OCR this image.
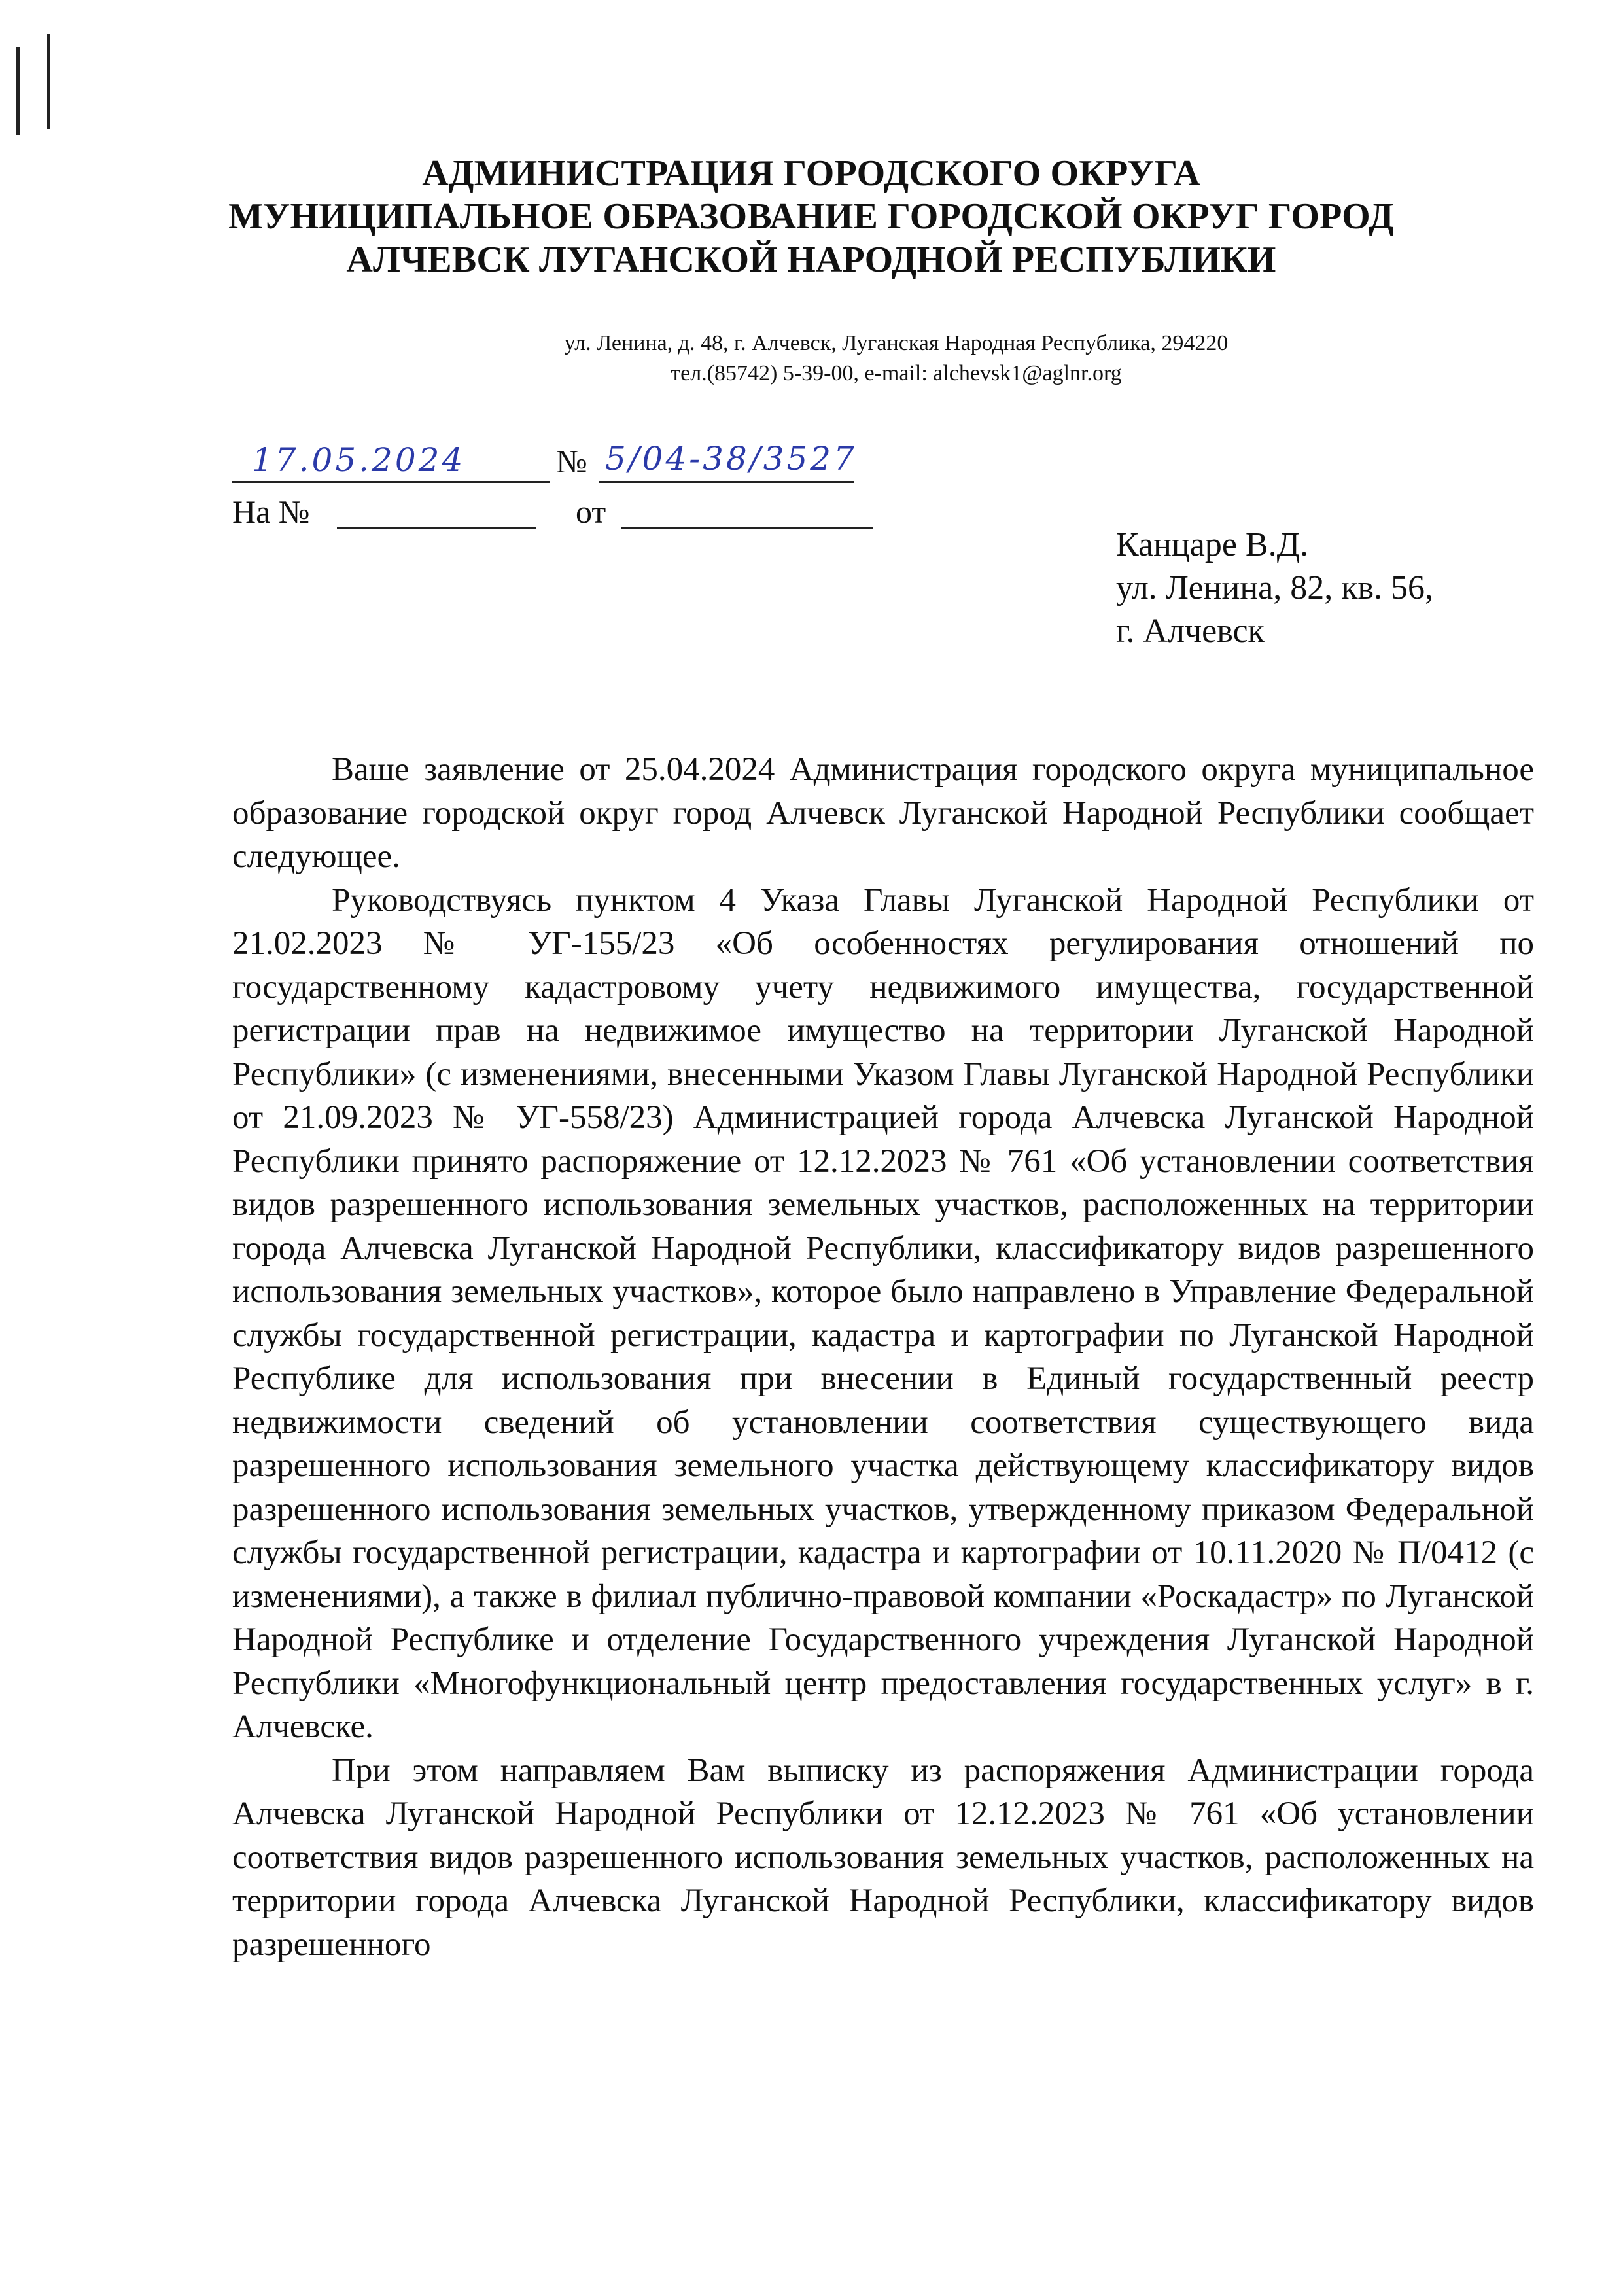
АДМИНИСТРАЦИЯ ГОРОДСКОГО ОКРУГА
МУНИЦИПАЛЬНОЕ ОБРАЗОВАНИЕ ГОРОДСКОЙ ОКРУГ ГОРОД
АЛЧЕВСК ЛУГАНСКОЙ НАРОДНОЙ РЕСПУБЛИКИ
ул. Ленина, д. 48, г. Алчевск, Луганская Народная Республика, 294220
тел.(85742) 5-39-00, e-mail: alchevsk1@aglnr.org
17.05.2024	№ 5/04-38/3527
На №	от
Канцаре В.Д.
ул. Ленина, 82, кв. 56,
г. Алчевск

Ваше заявление от 25.04.2024 Администрация городского округа муниципальное образование городской округ город Алчевск Луганской Народной Республики сообщает следующее.

Руководствуясь пунктом 4 Указа Главы Луганской Народной Республики от 21.02.2023 № УГ-155/23 «Об особенностях регулирования отношений по государственному кадастровому учету недвижимого имущества, государственной регистрации прав на недвижимое имущество на территории Луганской Народной Республики» (с изменениями, внесенными Указом Главы Луганской Народной Республики от 21.09.2023 № УГ-558/23) Администрацией города Алчевска Луганской Народной Республики принято распоряжение от 12.12.2023 № 761 «Об установлении соответствия видов разрешенного использования земельных участков, расположенных на территории города Алчевска Луганской Народной Республики, классификатору видов разрешенного использования земельных участков», которое было направлено в Управление Федеральной службы государственной регистрации, кадастра и картографии по Луганской Народной Республике для использования при внесении в Единый государственный реестр недвижимости сведений об установлении соответствия существующего вида разрешенного использования земельного участка действующему классификатору видов разрешенного использования земельных участков, утвержденному приказом Федеральной службы государственной регистрации, кадастра и картографии от 10.11.2020 № П/0412 (с изменениями), а также в филиал публично-правовой компании «Роскадастр» по Луганской Народной Республике и отделение Государственного учреждения Луганской Народной Республики «Многофункциональный центр предоставления государственных услуг» в г. Алчевске.

При этом направляем Вам выписку из распоряжения Администрации города Алчевска Луганской Народной Республики от 12.12.2023 № 761 «Об установлении соответствия видов разрешенного использования земельных участков, расположенных на территории города Алчевска Луганской Народной Республики, классификатору видов разрешенного
